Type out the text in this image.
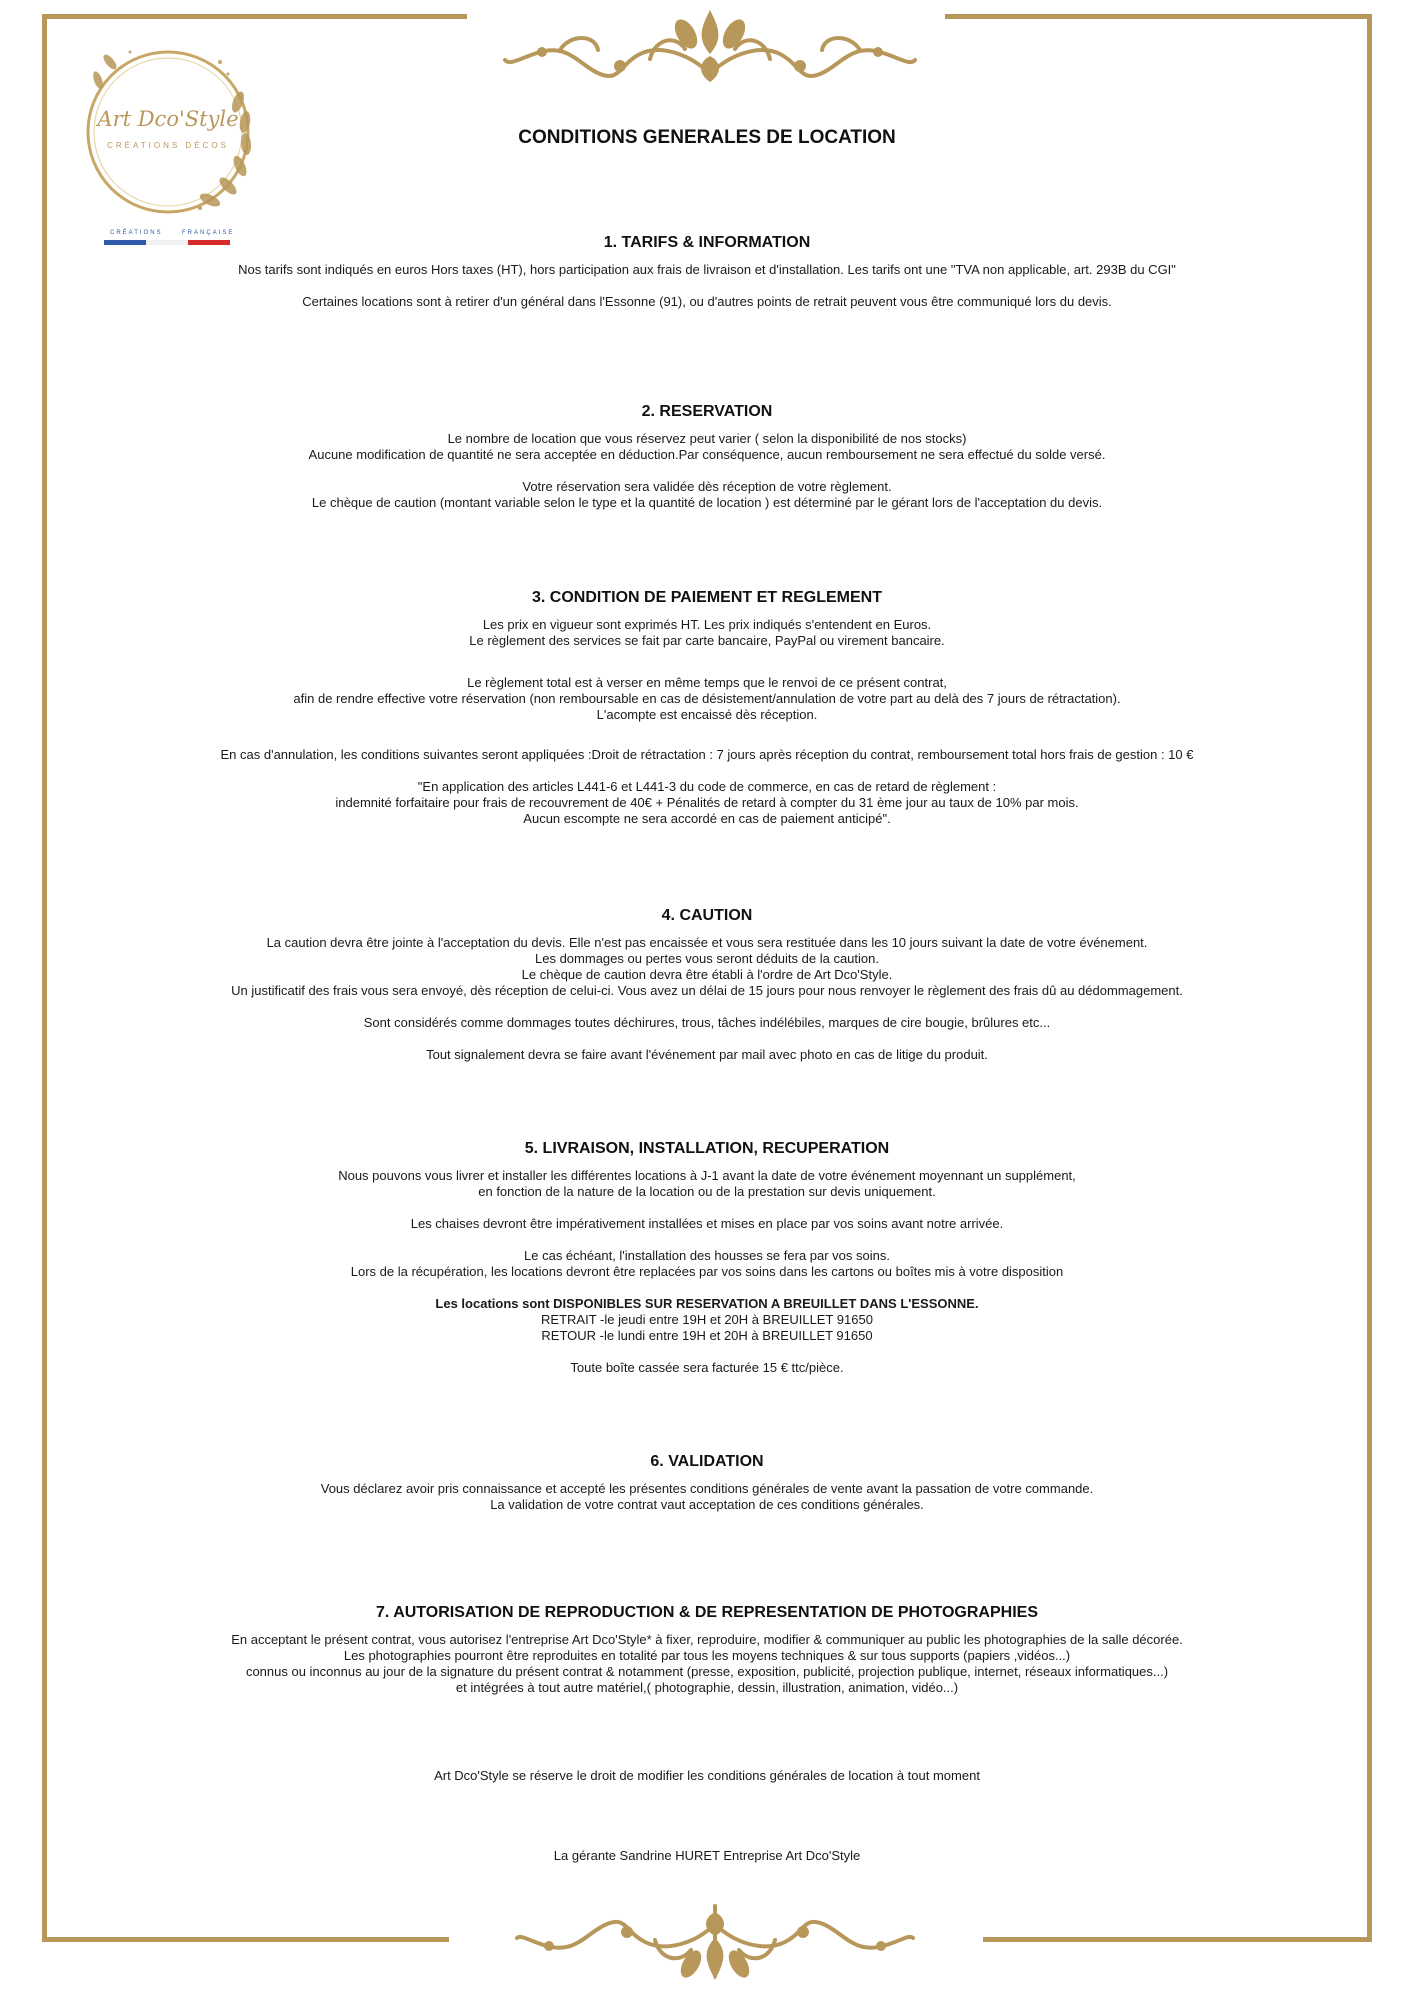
Art Dco'Style
CRÉATIONS DÉCOS
CRÉATIONS	FRANÇAISE
CONDITIONS GENERALES DE LOCATION
1. TARIFS & INFORMATION
Nos tarifs sont indiqués en euros Hors taxes (HT), hors participation aux frais de livraison et d'installation. Les tarifs ont une "TVA non applicable, art. 293B du CGI"
Certaines locations sont à retirer d'un général dans l'Essonne (91), ou d'autres points de retrait peuvent vous être communiqué lors du devis.
2. RESERVATION
Le nombre de location que vous réservez peut varier ( selon la disponibilité de nos stocks)
Aucune modification de quantité ne sera acceptée en déduction.Par conséquence, aucun remboursement ne sera effectué du solde versé.
Votre réservation sera validée dès réception de votre règlement.
Le chèque de caution (montant variable selon le type et la quantité de location ) est déterminé par le gérant lors de l'acceptation du devis.
3. CONDITION DE PAIEMENT ET REGLEMENT
Les prix en vigueur sont exprimés HT. Les prix indiqués s'entendent en Euros.
Le règlement des services se fait par carte bancaire, PayPal ou virement bancaire.
Le règlement total est à verser en même temps que le renvoi de ce présent contrat,
afin de rendre effective votre réservation (non remboursable en cas de désistement/annulation de votre part au delà des 7 jours de rétractation).
L'acompte est encaissé dès réception.
En cas d'annulation, les conditions suivantes seront appliquées :Droit de rétractation : 7 jours après réception du contrat, remboursement total hors frais de gestion : 10 €
"En application des articles L441-6 et L441-3 du code de commerce, en cas de retard de règlement :
indemnité forfaitaire pour frais de recouvrement de 40€ + Pénalités de retard à compter du 31 ème jour au taux de 10% par mois.
Aucun escompte ne sera accordé en cas de paiement anticipé".
4. CAUTION
La caution devra être jointe à l'acceptation du devis. Elle n'est pas encaissée et vous sera restituée dans les 10 jours suivant la date de votre événement.
Les dommages ou pertes vous seront déduits de la caution.
Le chèque de caution devra être établi à l'ordre de Art Dco'Style.
Un justificatif des frais vous sera envoyé, dès réception de celui-ci. Vous avez un délai de 15 jours pour nous renvoyer le règlement des frais dû au dédommagement.
Sont considérés comme dommages toutes déchirures, trous, tâches indélébiles, marques de cire bougie, brûlures etc...
Tout signalement devra se faire avant l'événement par mail avec photo en cas de litige du produit.
5. LIVRAISON, INSTALLATION, RECUPERATION
Nous pouvons vous livrer et installer les différentes locations à J-1 avant la date de votre événement moyennant un supplément,
en fonction de la nature de la location ou de la prestation sur devis uniquement.
Les chaises devront être impérativement installées et mises en place par vos soins avant notre arrivée.
Le cas échéant, l'installation des housses se fera par vos soins.
Lors de la récupération, les locations devront être replacées par vos soins dans les cartons ou boîtes mis à votre disposition
Les locations sont DISPONIBLES SUR RESERVATION A BREUILLET DANS L'ESSONNE.
RETRAIT -le jeudi entre 19H et 20H à BREUILLET 91650
RETOUR -le lundi entre 19H et 20H à BREUILLET 91650
Toute boîte cassée sera facturée 15 € ttc/pièce.
6. VALIDATION
Vous déclarez avoir pris connaissance et accepté les présentes conditions générales de vente avant la passation de votre commande.
La validation de votre contrat vaut acceptation de ces conditions générales.
7. AUTORISATION DE REPRODUCTION & DE REPRESENTATION DE PHOTOGRAPHIES
En acceptant le présent contrat, vous autorisez l'entreprise Art Dco'Style* à fixer, reproduire, modifier & communiquer au public les photographies de la salle décorée.
Les photographies pourront être reproduites en totalité par tous les moyens techniques & sur tous supports (papiers ,vidéos...)
connus ou inconnus au jour de la signature du présent contrat & notamment (presse, exposition, publicité, projection publique, internet, réseaux informatiques...)
et intégrées à tout autre matériel,( photographie, dessin, illustration, animation, vidéo...)
Art Dco'Style se réserve le droit de modifier les conditions générales de location à tout moment
La gérante Sandrine HURET Entreprise Art Dco'Style
